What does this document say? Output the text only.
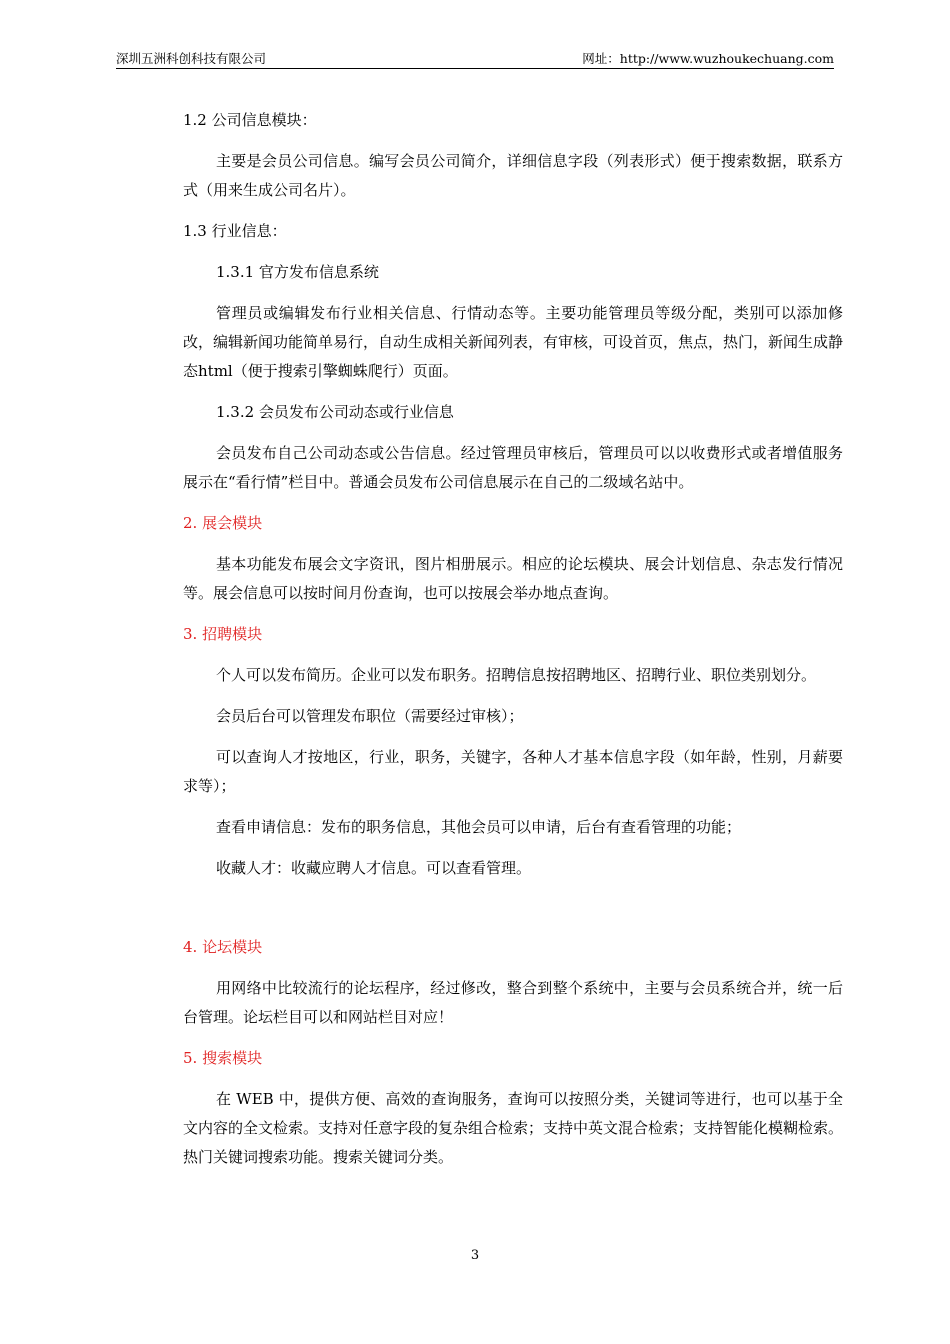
深圳五洲科创科技有限公司	网址：http://www.wuzhoukechuang.com
1.2 公司信息模块：
主要是会员公司信息。编写会员公司简介，详细信息字段（列表形式）便于搜索数据，联系方式（用来生成公司名片）。
1.3 行业信息：
1.3.1 官方发布信息系统
管理员或编辑发布行业相关信息、行情动态等。主要功能管理员等级分配，类别可以添加修改，编辑新闻功能简单易行，自动生成相关新闻列表，有审核，可设首页，焦点，热门，新闻生成静态html（便于搜索引擎蜘蛛爬行）页面。
1.3.2 会员发布公司动态或行业信息
会员发布自己公司动态或公告信息。经过管理员审核后，管理员可以以收费形式或者增值服务展示在“看行情”栏目中。普通会员发布公司信息展示在自己的二级域名站中。
2. 展会模块
基本功能发布展会文字资讯，图片相册展示。相应的论坛模块、展会计划信息、杂志发行情况等。展会信息可以按时间月份查询，也可以按展会举办地点查询。
3. 招聘模块
个人可以发布简历。企业可以发布职务。招聘信息按招聘地区、招聘行业、职位类别划分。
会员后台可以管理发布职位（需要经过审核）；
可以查询人才按地区，行业，职务，关键字，各种人才基本信息字段（如年龄，性别，月薪要求等）；
查看申请信息：发布的职务信息，其他会员可以申请，后台有查看管理的功能；
收藏人才：收藏应聘人才信息。可以查看管理。
4. 论坛模块
用网络中比较流行的论坛程序，经过修改，整合到整个系统中，主要与会员系统合并，统一后台管理。论坛栏目可以和网站栏目对应！
5. 搜索模块
在 WEB 中，提供方便、高效的查询服务，查询可以按照分类，关键词等进行，也可以基于全文内容的全文检索。支持对任意字段的复杂组合检索；支持中英文混合检索；支持智能化模糊检索。热门关键词搜索功能。搜索关键词分类。
3
